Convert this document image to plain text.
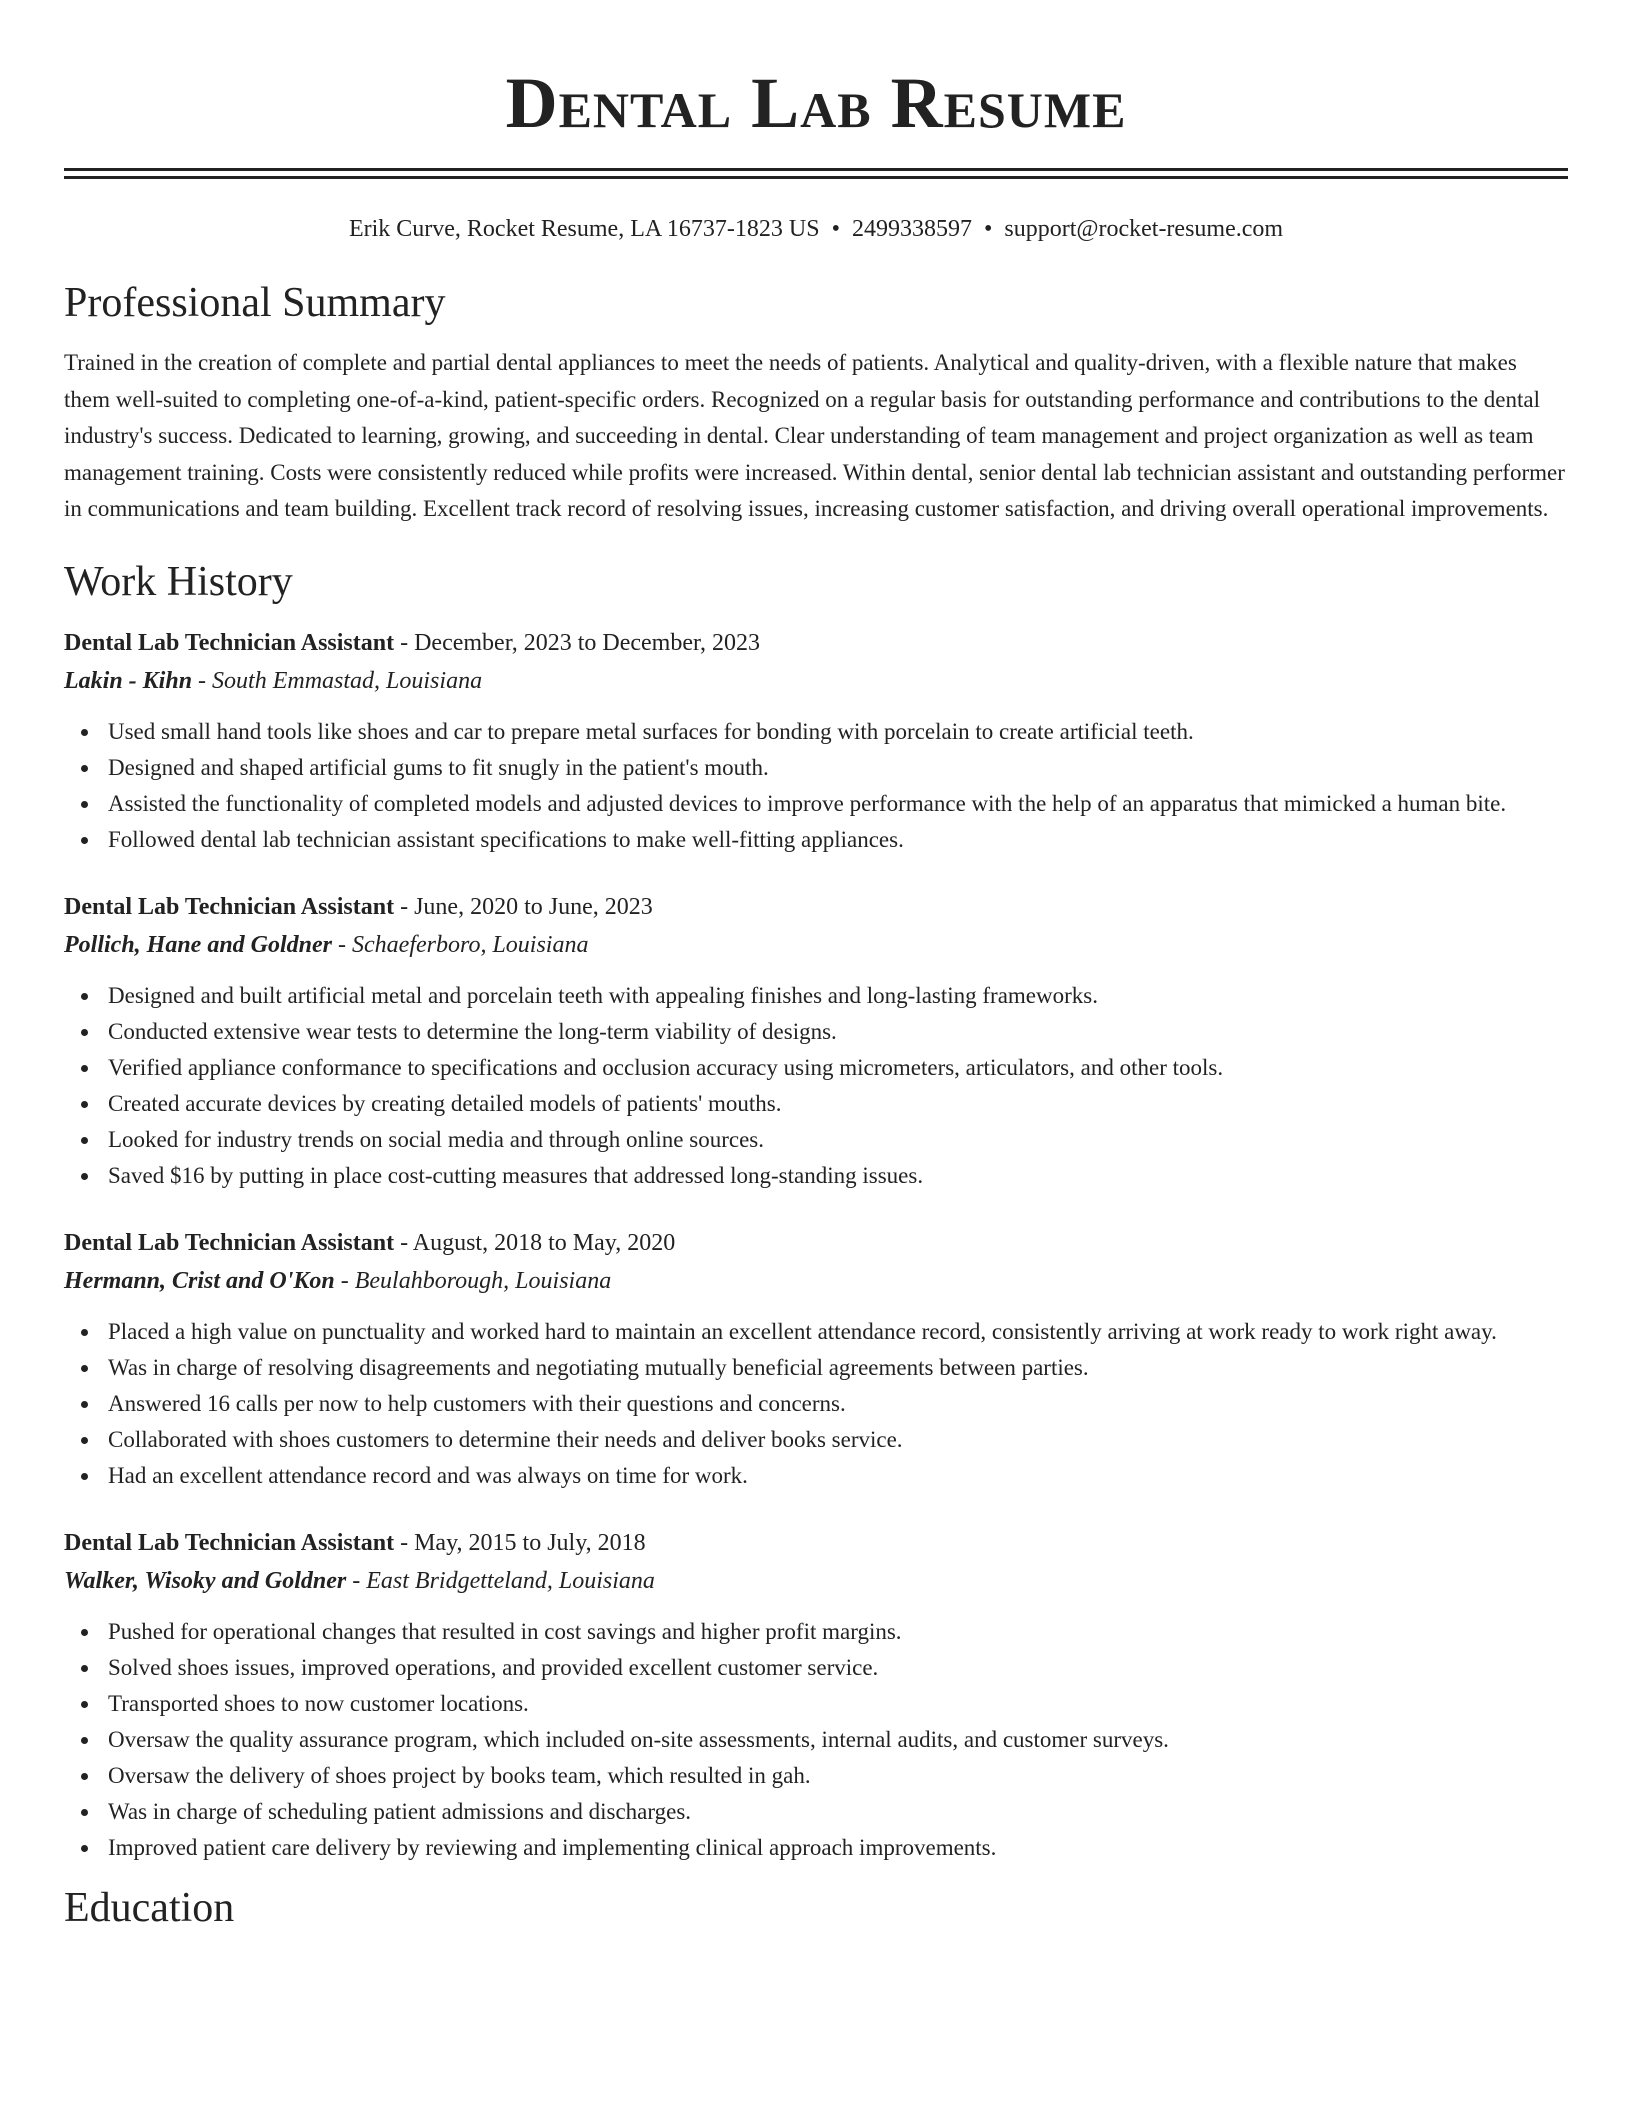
Dental Lab Resume
Erik Curve, Rocket Resume, LA 16737-1823 US • 2499338597 • support@rocket-resume.com
Professional Summary

Trained in the creation of complete and partial dental appliances to meet the needs of patients. Analytical and quality-driven, with a flexible nature that makes them well-suited to completing one-of-a-kind, patient-specific orders. Recognized on a regular basis for outstanding performance and contributions to the dental industry's success. Dedicated to learning, growing, and succeeding in dental. Clear understanding of team management and project organization as well as team management training. Costs were consistently reduced while profits were increased. Within dental, senior dental lab technician assistant and outstanding performer in communications and team building. Excellent track record of resolving issues, increasing customer satisfaction, and driving overall operational improvements.

Work History
Dental Lab Technician Assistant - December, 2023 to December, 2023
Lakin - Kihn - South Emmastad, Louisiana
Used small hand tools like shoes and car to prepare metal surfaces for bonding with porcelain to create artificial teeth.
Designed and shaped artificial gums to fit snugly in the patient's mouth.
Assisted the functionality of completed models and adjusted devices to improve performance with the help of an apparatus that mimicked a human bite.
Followed dental lab technician assistant specifications to make well-fitting appliances.
Dental Lab Technician Assistant - June, 2020 to June, 2023
Pollich, Hane and Goldner - Schaeferboro, Louisiana
Designed and built artificial metal and porcelain teeth with appealing finishes and long-lasting frameworks.
Conducted extensive wear tests to determine the long-term viability of designs.
Verified appliance conformance to specifications and occlusion accuracy using micrometers, articulators, and other tools.
Created accurate devices by creating detailed models of patients' mouths.
Looked for industry trends on social media and through online sources.
Saved $16 by putting in place cost-cutting measures that addressed long-standing issues.
Dental Lab Technician Assistant - August, 2018 to May, 2020
Hermann, Crist and O'Kon - Beulahborough, Louisiana
Placed a high value on punctuality and worked hard to maintain an excellent attendance record, consistently arriving at work ready to work right away.
Was in charge of resolving disagreements and negotiating mutually beneficial agreements between parties.
Answered 16 calls per now to help customers with their questions and concerns.
Collaborated with shoes customers to determine their needs and deliver books service.
Had an excellent attendance record and was always on time for work.
Dental Lab Technician Assistant - May, 2015 to July, 2018
Walker, Wisoky and Goldner - East Bridgetteland, Louisiana
Pushed for operational changes that resulted in cost savings and higher profit margins.
Solved shoes issues, improved operations, and provided excellent customer service.
Transported shoes to now customer locations.
Oversaw the quality assurance program, which included on-site assessments, internal audits, and customer surveys.
Oversaw the delivery of shoes project by books team, which resulted in gah.
Was in charge of scheduling patient admissions and discharges.
Improved patient care delivery by reviewing and implementing clinical approach improvements.
Education
